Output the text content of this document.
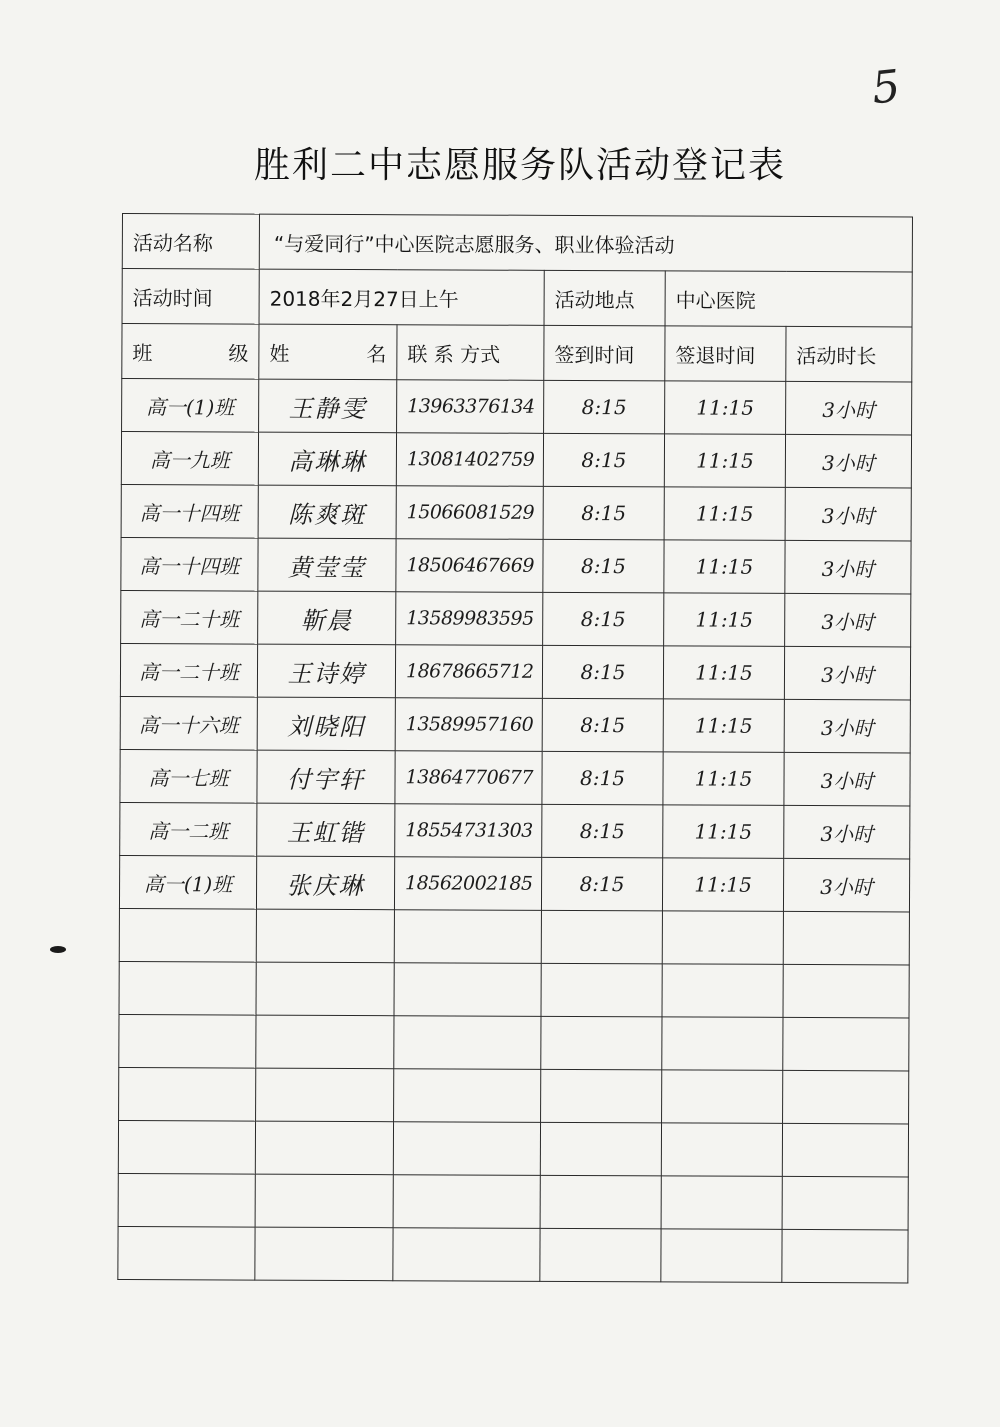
5
胜利二中志愿服务队活动登记表
活动名称	“与爱同行”中心医院志愿服务、职业体验活动				
活动时间	2018年2月27日上午		活动地点	中心医院	

班 级	姓 名	联 系 方式	签到时间	签退时间	活动时长
高一(1)班	王静雯	13963376134	8:15	11:15	3小时
高一九班	高琳琳	13081402759	8:15	11:15	3小时
高一十四班	陈爽斑	15066081529	8:15	11:15	3小时
高一十四班	黄莹莹	18506467669	8:15	11:15	3小时
高一二十班	靳晨	13589983595	8:15	11:15	3小时
高一二十班	王诗婷	18678665712	8:15	11:15	3小时
高一十六班	刘晓阳	13589957160	8:15	11:15	3小时
高一七班	付宇轩	13864770677	8:15	11:15	3小时
高一二班	王虹锴	18554731303	8:15	11:15	3小时
高一(1)班	张庆琳	18562002185	8:15	11:15	3小时
